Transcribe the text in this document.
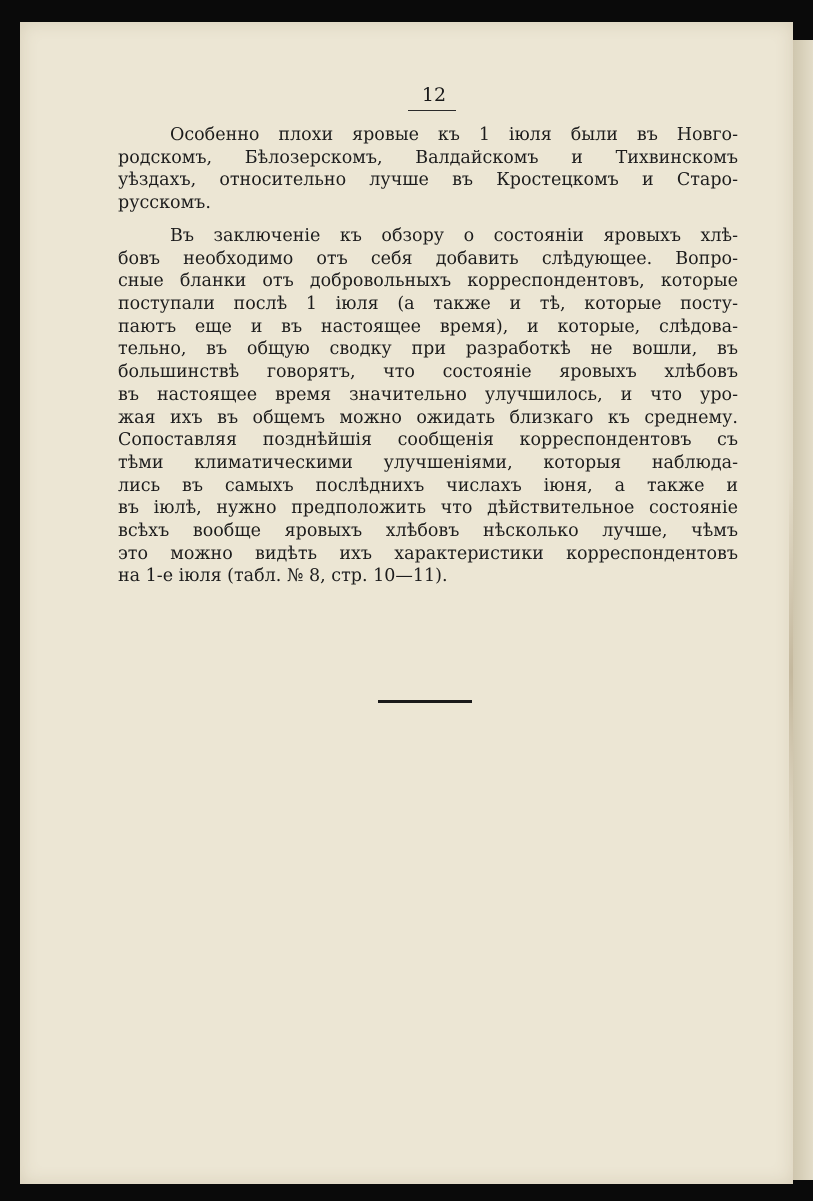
12
Особенно плохи яровые къ 1 іюля были въ Новго-
родскомъ, Бѣлозерскомъ, Валдайскомъ и Тихвинскомъ
уѣздахъ, относительно лучше въ Кростецкомъ и Старо-
русскомъ.
Въ заключеніе къ обзору о состояніи яровыхъ хлѣ-
бовъ необходимо отъ себя добавить слѣдующее. Вопро-
сные бланки отъ добровольныхъ корреспондентовъ, которые
поступали послѣ 1 іюля (а также и тѣ, которые посту-
паютъ еще и въ настоящее время), и которые, слѣдова-
тельно, въ общую сводку при разработкѣ не вошли, въ
большинствѣ говорятъ, что состояніе яровыхъ хлѣбовъ
въ настоящее время значительно улучшилось, и что уро-
жая ихъ въ общемъ можно ожидать близкаго къ среднему.
Сопоставляя позднѣйшія сообщенія корреспондентовъ съ
тѣми климатическими улучшеніями, которыя наблюда-
лись въ самыхъ послѣднихъ числахъ іюня, а также и
въ іюлѣ, нужно предположить что дѣйствительное состояніе
всѣхъ вообще яровыхъ хлѣбовъ нѣсколько лучше, чѣмъ
это можно видѣть ихъ характеристики корреспондентовъ
на 1-е іюля (табл. № 8, стр. 10—11).
